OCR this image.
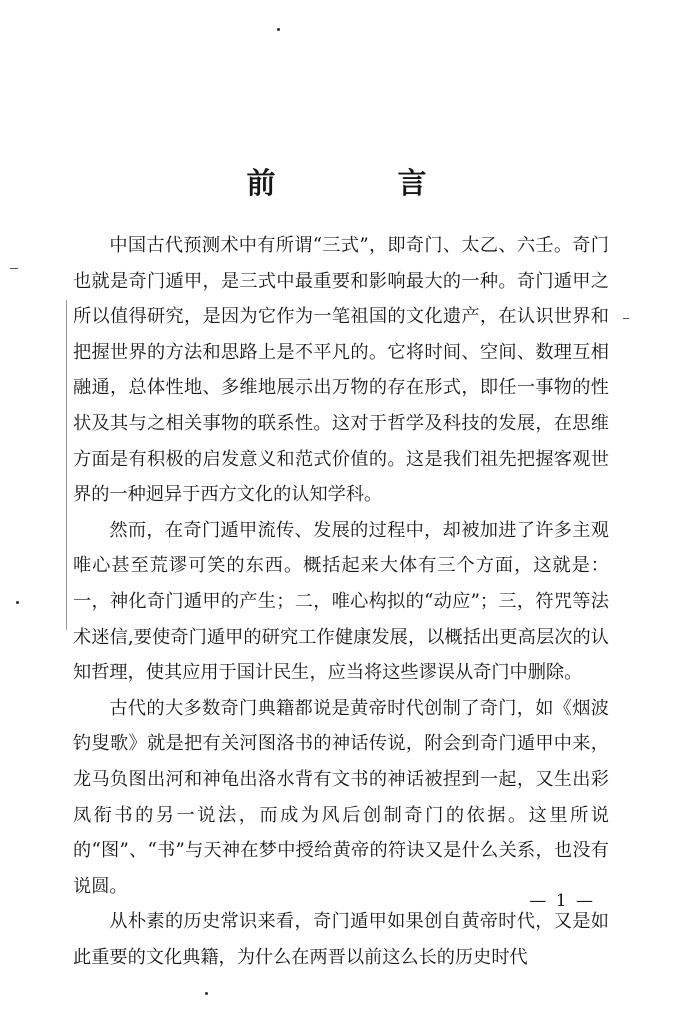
前 言

中国古代预测术中有所谓“三式”，即奇门、太乙、六壬。奇门也就是奇门遁甲，是三式中最重要和影响最大的一种。奇门遁甲之所以值得研究，是因为它作为一笔祖国的文化遗产，在认识世界和把握世界的方法和思路上是不平凡的。它将时间、空间、数理互相融通，总体性地、多维地展示出万物的存在形式，即任一事物的性状及其与之相关事物的联系性。这对于哲学及科技的发展，在思维方面是有积极的启发意义和范式价值的。这是我们祖先把握客观世界的一种迥异于西方文化的认知学科。

然而，在奇门遁甲流传、发展的过程中，却被加进了许多主观唯心甚至荒谬可笑的东西。概括起来大体有三个方面，这就是：一，神化奇门遁甲的产生；二，唯心构拟的“动应”；三，符咒等法术迷信,要使奇门遁甲的研究工作健康发展，以概括出更高层次的认知哲理，使其应用于国计民生，应当将这些谬误从奇门中删除。

古代的大多数奇门典籍都说是黄帝时代创制了奇门，如《烟波钓叟歌》就是把有关河图洛书的神话传说，附会到奇门遁甲中来，龙马负图出河和神龟出洛水背有文书的神话被捏到一起，又生出彩凤衔书的另一说法，而成为风后创制奇门的依据。这里所说的“图”、“书”与天神在梦中授给黄帝的符诀又是什么关系，也没有说圆。

从朴素的历史常识来看，奇门遁甲如果创自黄帝时代，又是如此重要的文化典籍，为什么在两晋以前这么长的历史时代

— 1 —
